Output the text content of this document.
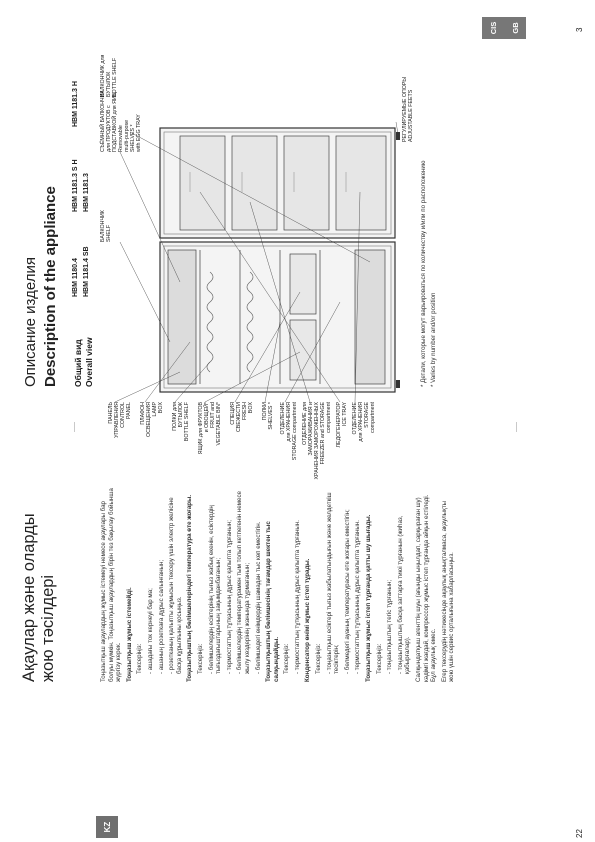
KZ
22
Ақаулар және оларды жою тәсілдері	Тоңазытқыш ақаулардың жұмыс істемеуі немесе ақаулары бар болуы мүмкін. Тоңазытқыш ақаулардың бірін тез бақылау бойынша жүргізу керек. Тоңазытқыш жұмыс істемейді. Тексеріңіз: - ашадағы ток кернеуі бар ма; - ашаның розеткаға дұрыс салынғанын; - розетканың қалыпты жұмысын тексеру үшін электр желісіне басқа құрылғыны қосыңыз. Тоңазытқыштың бөлімшелеріндегі температура өте жоғары. Тексеріңіз: - бөлімшелердің есіктерінің тығыз жабық екенін, есіктердің тығыздағыштарының зақымданбағанын; - термостаттың тұтқасының дұрыс қалыпта тұрғанын; - бөлімшелердің температурамен тым толып кетпегенін немесе жылу көздерінің жанында тұрмағанын; - бөлімшедегі өнімдердің шамадан тыс көп еместігін. Тоңазытқыштың бөлімшесінің тағамдар шектен тыс салқындайды. Тексеріңіз: - термостаттың тұтқасының дұрыс қалыпта тұрғанын. Конденсатор өнімі жұмыс істеп тұрады. Тексеріңіз: - тоңазытқыш есіктері тығыз жабылатындығын және желдеткіш тесіктерін; - бөлмедегі ауаның температурасы өте жоғары еместігін; - термостаттың тұтқасының дұрыс қалыпта тұрғанын. Тоңазытқыш жұмыс істеп тұрғанда қатты шу шығады. Тексеріңіз: - тоңазытқыштың тегіс тұрғанын; - тоңазытқыштың басқа заттарға тиюі тұрғанын (жиһаз, қабырғалар). Салқындатқыш агенттің шуы (ағынды ыңылдап, сарқыраған шу) кәдімгі жағдай, компрессор жұмыс істеп тұрғанда айқын естіледі. Бұл ақаулық емес. Егер тексерудің нәтижесінде ақаулық анықталмаса, ақаулықты жою үшін сервис орталығына хабарласыңыз.

CIS	GB	3
Описание изделия Description of the appliance Общий вид Overall view
HBM 1180.4 HBM 1181.4 SB
HBM 1181.3 S H HBM 1181.3
HBM 1181.3 H
ПАНЕЛЬ УПРАВЛЕНИЯ CONTROL PANEL ПЛАФОН ОСВЕЩЕНИЯ LAMP BOX ПОЛКИ для БУТЫЛОК BOTTLE SHELF ЯЩИК для ФРУКТОВ и ОВОЩЕЙ* FRUIT and VEGETABLE BIN* СПЕЦИЯ СВЕЖЕСТИ FRESH BOX ПОЛКИ SHELVES * ОТДЕЛЕНИЕ для ХРАНЕНИЯ STORAGE compartment ОТДЕЛЕНИЕ для ЗАМОРАЖИВАНИЯ и ХРАНЕНИЯ ЗАМОРОЖЕННЫХ FREEZER and STORAGE compartment ЛЕДОГЕНЕРАТОР ICE TRAY ОТДЕЛЕНИЕ для ХРАНЕНИЯ STORAGE compartment
БАЛКОНЧИК SHELF
СЪЁМНЫЙ БАЛКОНЧИК для ПРОДУКТОВ с ПОДСТАВКОЙ для ЯИЦ Removable multi-purpose SHELVES * with EGG TRAY
БАЛКОНЧИК для БУТЫЛОК BOTTLE SHELF	РЕГУЛИРУЕМЫЕ ОПОРЫ ADJUSTABLE FEETS
* Детали, которые могут варьироваться по количеству и/или по расположению * Varies by number and/or position
